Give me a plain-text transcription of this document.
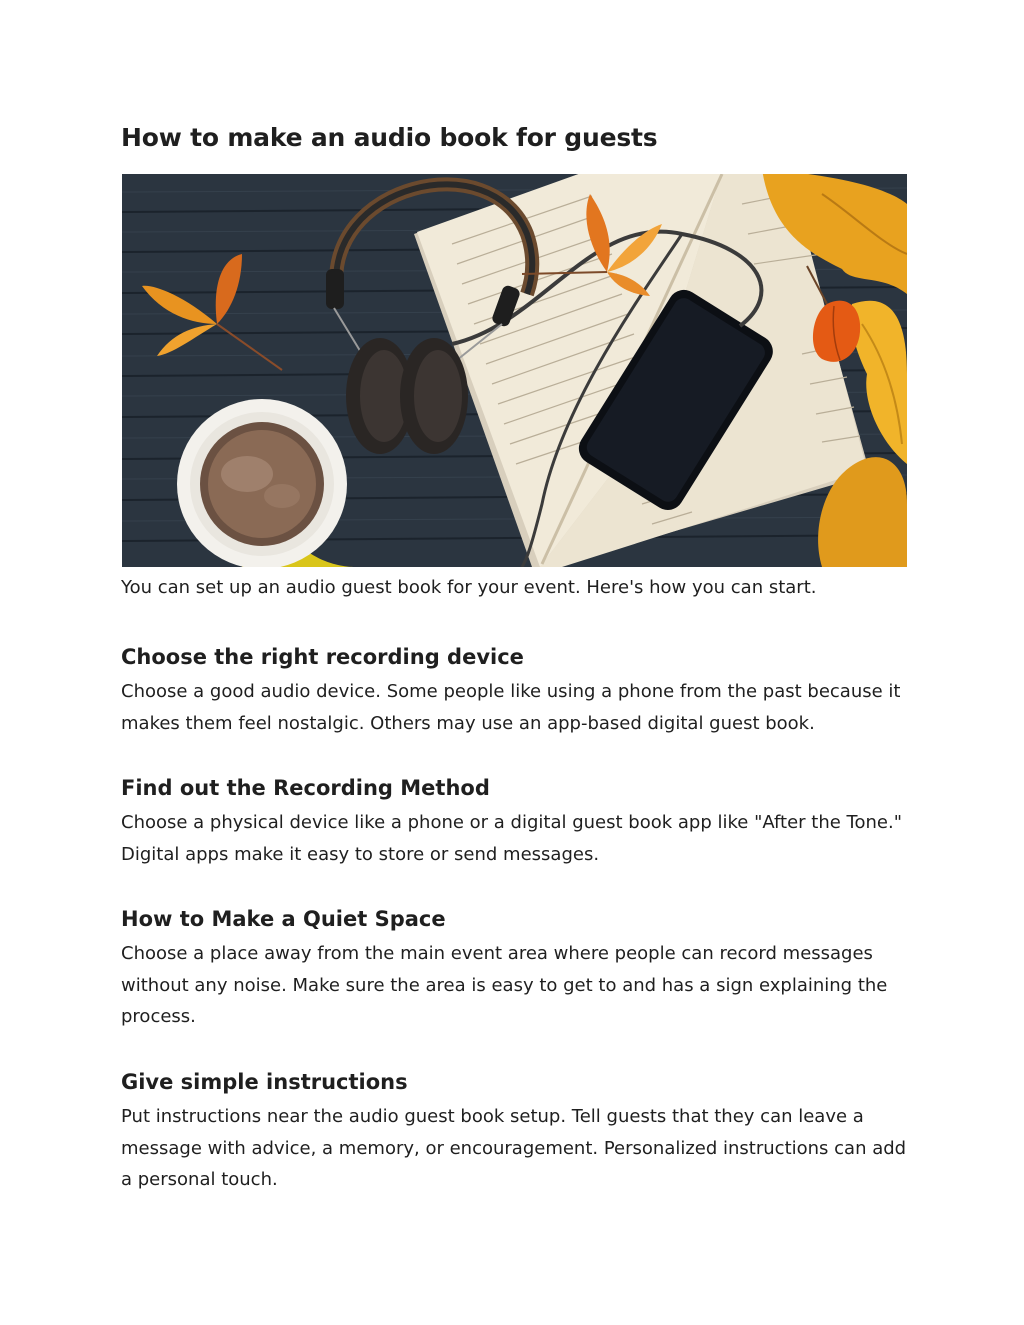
How to make an audio book for guests

You can set up an audio guest book for your event. Here's how you can start.

Choose the right recording device

Choose a good audio device. Some people like using a phone from the past because it
makes them feel nostalgic. Others may use an app-based digital guest book.

Find out the Recording Method

Choose a physical device like a phone or a digital guest book app like "After the Tone."
Digital apps make it easy to store or send messages.

How to Make a Quiet Space

Choose a place away from the main event area where people can record messages
without any noise. Make sure the area is easy to get to and has a sign explaining the
process.

Give simple instructions

Put instructions near the audio guest book setup. Tell guests that they can leave a
message with advice, a memory, or encouragement. Personalized instructions can add
a personal touch.
